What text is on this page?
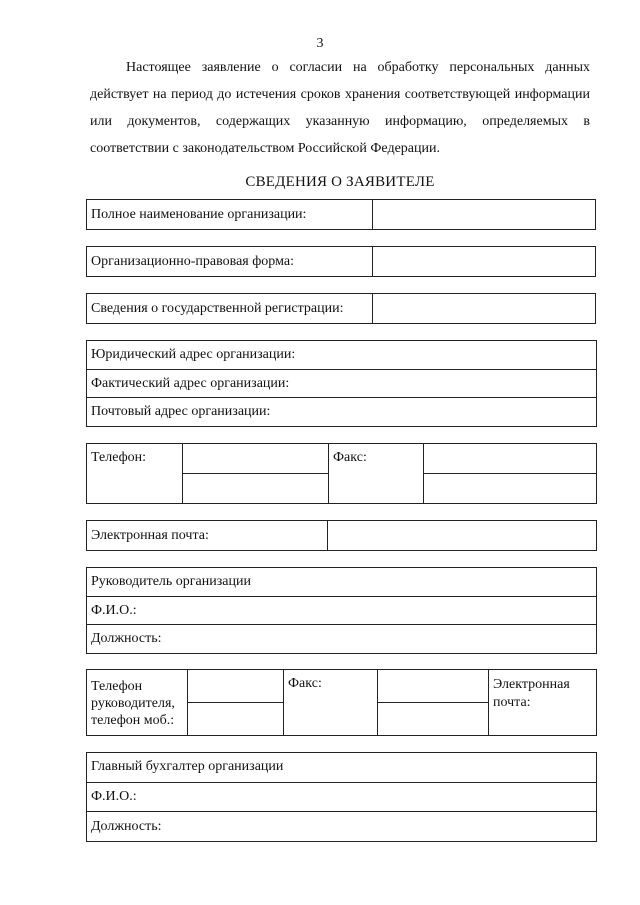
3

Настоящее заявление о согласии на обработку персональных данных действует на период до истечения сроков хранения соответствующей информации или документов, содержащих указанную информацию, определяемых в соответствии с законодательством Российской Федерации.

СВЕДЕНИЯ О ЗАЯВИТЕЛЕ
Полное наименование организации:
Организационно-правовая форма:
Сведения о государственной регистрации:
Юридический адрес организации:
Фактический адрес организации:
Почтовый адрес организации:
Телефон:	Факс:
Электронная почта:
Руководитель организации
Ф.И.О.:
Должность:
Телефон руководителя, телефон моб.:
Факс:	Электронная почта:
Главный бухгалтер организации
Ф.И.О.:
Должность:
